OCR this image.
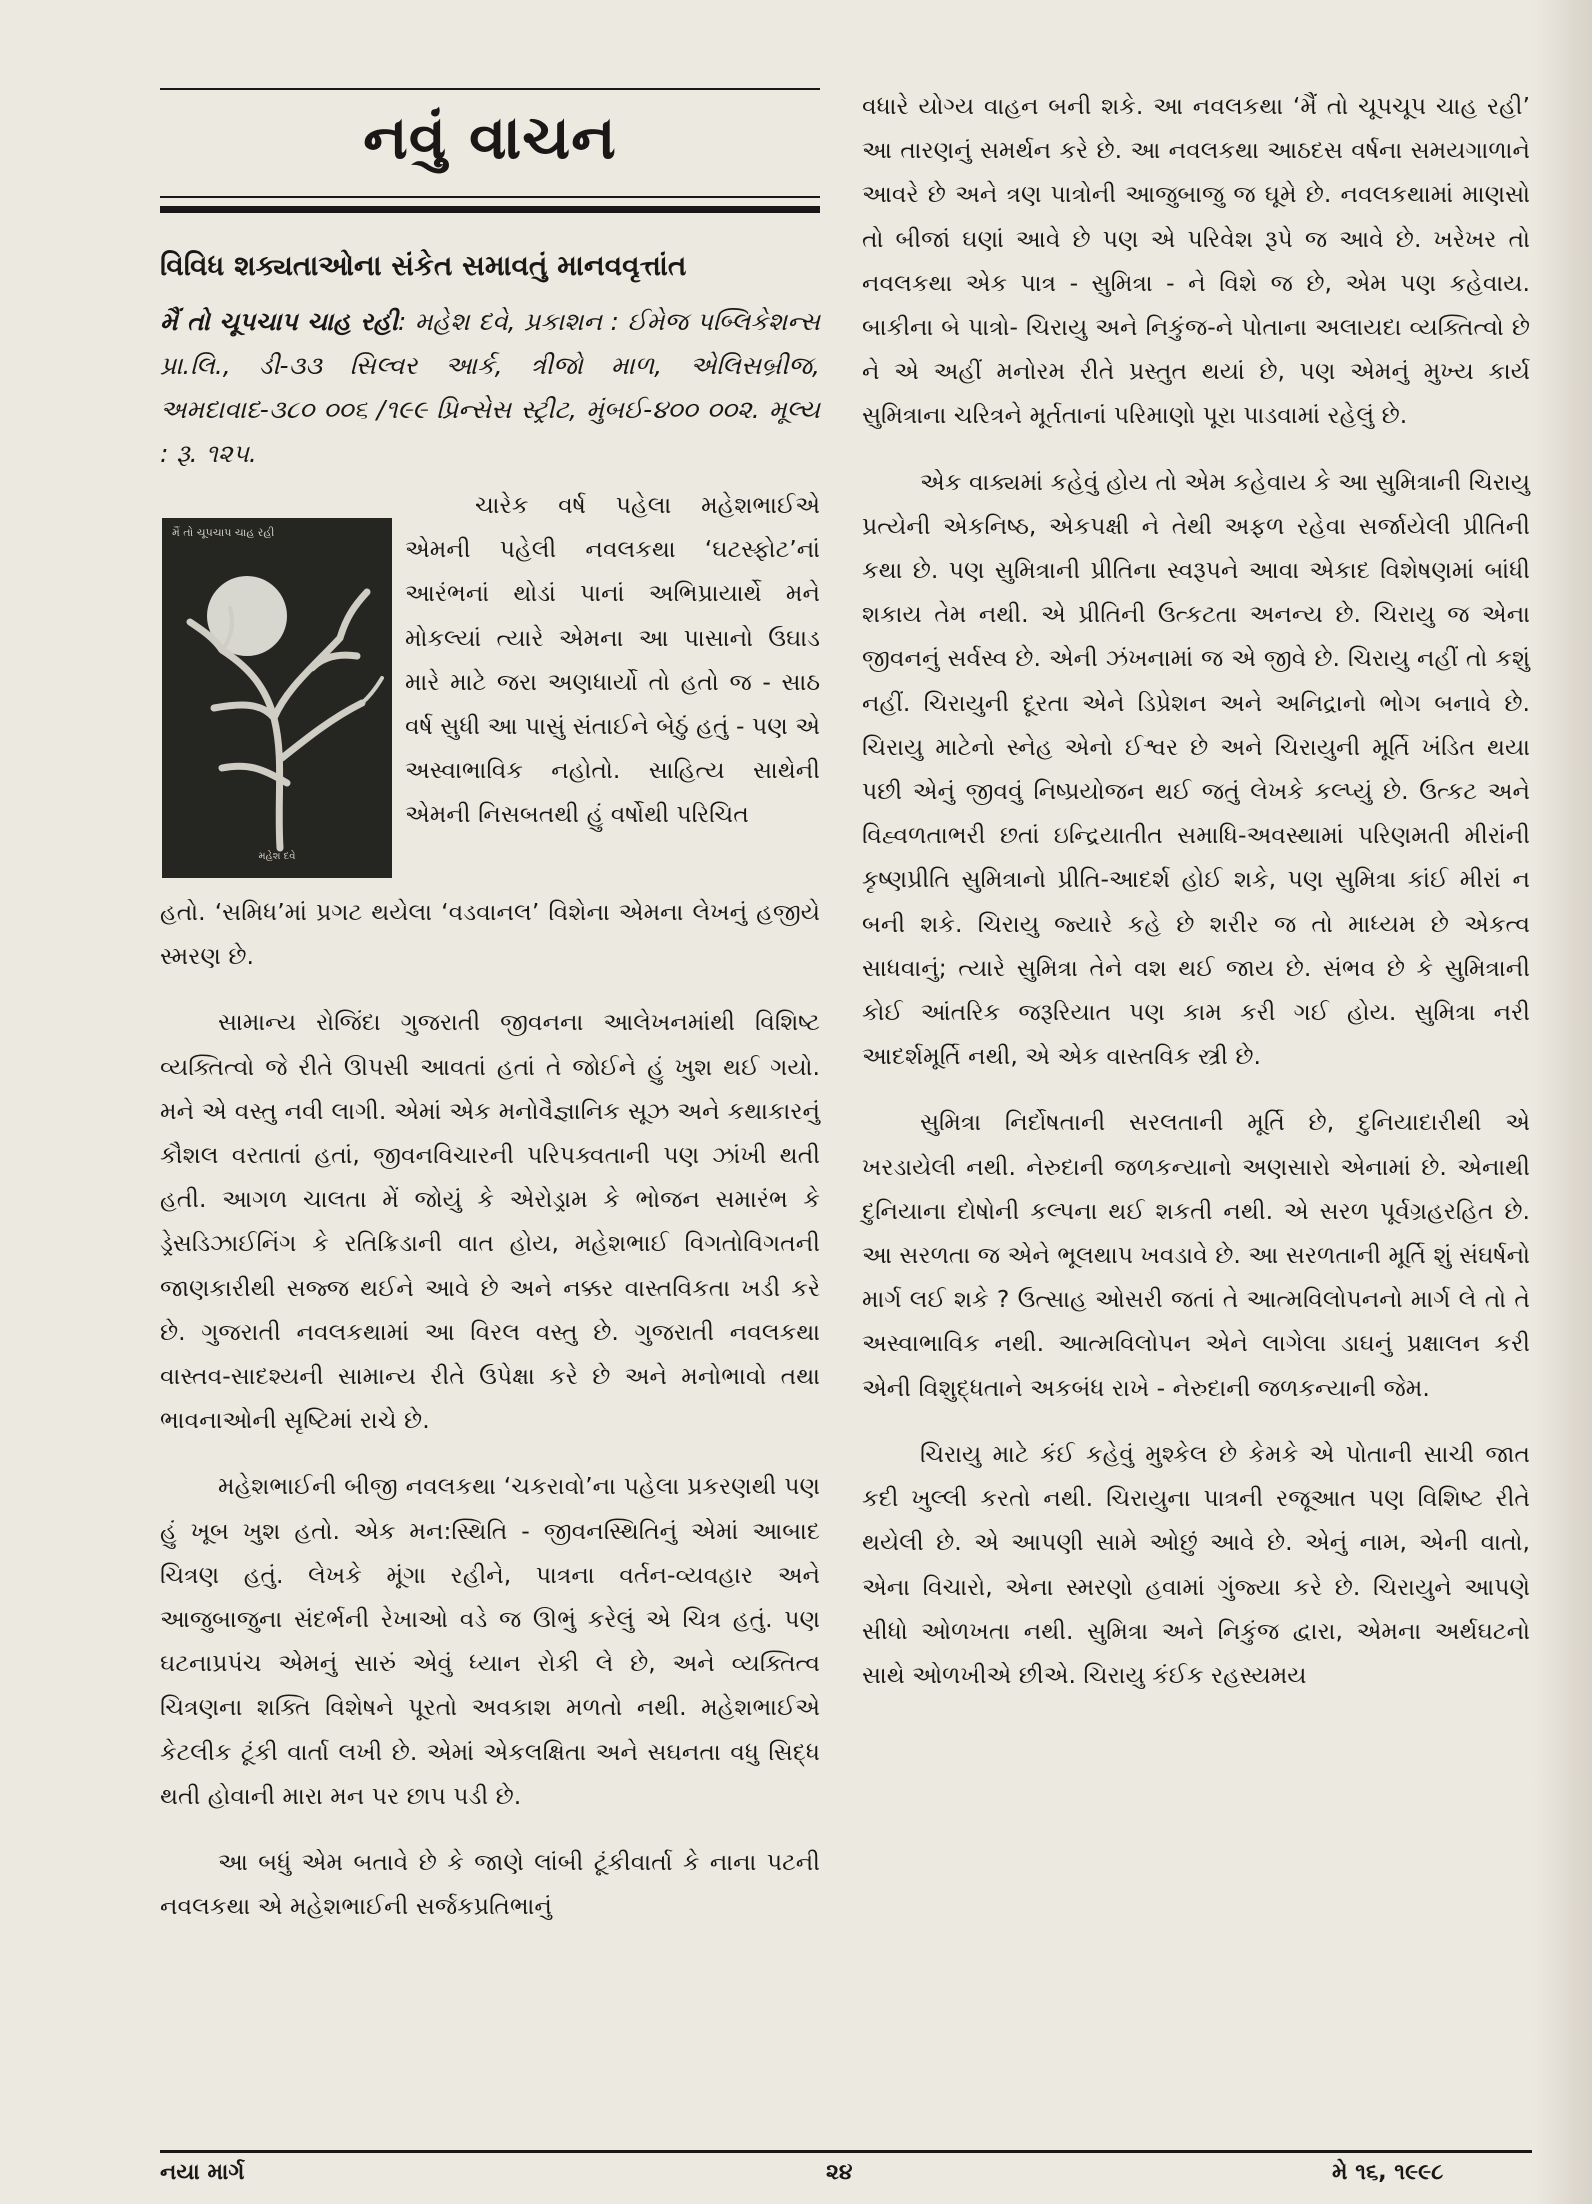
નવું વાચન
વિવિધ શક્યતાઓના સંકેત સમાવતું માનવવૃત્તાંત
મૈં તો ચૂપચાપ ચાહ રહી: મહેશ દવે, પ્રકાશન : ઈમેજ પબ્લિકેશન્સ પ્રા.લિ., ડી-૩૩ સિલ્વર આર્ક, ત્રીજો માળ, એલિસબ્રીજ, અમદાવાદ-૩૮૦ ૦૦૬ /૧૯૯ પ્રિન્સેસ સ્ટ્રીટ, મુંબઈ-૪૦૦ ૦૦૨. મૂલ્ય : રૂ. ૧૨૫.
મૈં તો ચૂપચાપ ચાહ રહી
મહેશ દવે

ચારેક વર્ષ પહેલા મહેશભાઈએ એમની પહેલી નવલકથા ‘ઘટસ્ફોટ’નાં આરંભનાં થોડાં પાનાં અભિપ્રાયાર્થે મને મોકલ્યાં ત્યારે એમના આ પાસાનો ઉઘાડ મારે માટે જરા અણધાર્યો તો હતો જ - સાઠ વર્ષ સુધી આ પાસું સંતાઈને બેઠું હતું - પણ એ અસ્વાભાવિક નહોતો. સાહિત્ય સાથેની એમની નિસબતથી હું વર્ષોથી પરિચિત

હતો. ‘સમિધ’માં પ્રગટ થયેલા ‘વડવાનલ’ વિશેના એમના લેખનું હજીયે સ્મરણ છે.

સામાન્ય રોજિંદા ગુજરાતી જીવનના આલેખનમાંથી વિશિષ્ટ વ્યક્તિત્વો જે રીતે ઊપસી આવતાં હતાં તે જોઈને હું ખુશ થઈ ગયો. મને એ વસ્તુ નવી લાગી. એમાં એક મનોવૈજ્ઞાનિક સૂઝ અને કથાકારનું કૌશલ વરતાતાં હતાં, જીવનવિચારની પરિપક્વતાની પણ ઝાંખી થતી હતી. આગળ ચાલતા મેં જોયું કે એરોડ્રામ કે ભોજન સમારંભ કે ડ્રેસડિઝાઈનિંગ કે રતિક્રિડાની વાત હોય, મહેશભાઈ વિગતોવિગતની જાણકારીથી સજ્જ થઈને આવે છે અને નક્કર વાસ્તવિકતા ખડી કરે છે. ગુજરાતી નવલકથામાં આ વિરલ વસ્તુ છે. ગુજરાતી નવલકથા વાસ્તવ-સાદશ્યની સામાન્ય રીતે ઉપેક્ષા કરે છે અને મનોભાવો તથા ભાવનાઓની સૃષ્ટિમાં રાચે છે.

મહેશભાઈની બીજી નવલકથા ‘ચકરાવો’ના પહેલા પ્રકરણથી પણ હું ખૂબ ખુશ હતો. એક મન:સ્થિતિ - જીવનસ્થિતિનું એમાં આબાદ ચિત્રણ હતું. લેખકે મૂંગા રહીને, પાત્રના વર્તન-વ્યવહાર અને આજુબાજુના સંદર્ભની રેખાઓ વડે જ ઊભું કરેલું એ ચિત્ર હતું. પણ ઘટનાપ્રપંચ એમનું સારું એવું ધ્યાન રોકી લે છે, અને વ્યક્તિત્વ ચિત્રણના શક્તિ વિશેષને પૂરતો અવકાશ મળતો નથી. મહેશભાઈએ કેટલીક ટૂંકી વાર્તા લખી છે. એમાં એકલક્ષિતા અને સઘનતા વધુ સિદ્ધ થતી હોવાની મારા મન પર છાપ પડી છે.

આ બધું એમ બતાવે છે કે જાણે લાંબી ટૂંકીવાર્તા કે નાના પટની નવલકથા એ મહેશભાઈની સર્જકપ્રતિભાનું

વધારે યોગ્ય વાહન બની શકે. આ નવલકથા ‘મૈં તો ચૂપચૂપ ચાહ રહી’ આ તારણનું સમર્થન કરે છે. આ નવલકથા આઠદસ વર્ષના સમયગાળાને આવરે છે અને ત્રણ પાત્રોની આજુબાજુ જ ઘૂમે છે. નવલકથામાં માણસો તો બીજાં ઘણાં આવે છે પણ એ પરિવેશ રૂપે જ આવે છે. ખરેખર તો નવલકથા એક પાત્ર - સુમિત્રા - ને વિશે જ છે, એમ પણ કહેવાય. બાકીના બે પાત્રો- ચિરાયુ અને નિકુંજ-ને પોતાના અલાયદા વ્યક્તિત્વો છે ને એ અહીં મનોરમ રીતે પ્રસ્તુત થયાં છે, પણ એમનું મુખ્ય કાર્ય સુમિત્રાના ચરિત્રને મૂર્તતાનાં પરિમાણો પૂરા પાડવામાં રહેલું છે.

એક વાક્યમાં કહેવું હોય તો એમ કહેવાય કે આ સુમિત્રાની ચિરાયુ પ્રત્યેની એકનિષ્ઠ, એકપક્ષી ને તેથી અફળ રહેવા સર્જાયેલી પ્રીતિની કથા છે. પણ સુમિત્રાની પ્રીતિના સ્વરૂપને આવા એકાદ વિશેષણમાં બાંધી શકાય તેમ નથી. એ પ્રીતિની ઉત્કટતા અનન્ય છે. ચિરાયુ જ એના જીવનનું સર્વસ્વ છે. એની ઝંખનામાં જ એ જીવે છે. ચિરાયુ નહીં તો કશું નહીં. ચિરાયુની દૂરતા એને ડિપ્રેશન અને અનિદ્રાનો ભોગ બનાવે છે. ચિરાયુ માટેનો સ્નેહ એનો ઈશ્વર છે અને ચિરાયુની મૂર્તિ ખંડિત થયા પછી એનું જીવવું નિષ્પ્રયોજન થઈ જતું લેખકે કલ્પ્યું છે. ઉત્કટ અને વિહ્વળતાભરી છતાં ઇન્દ્રિયાતીત સમાધિ-અવસ્થામાં પરિણમતી મીરાંની કૃષ્ણપ્રીતિ સુમિત્રાનો પ્રીતિ-આદર્શ હોઈ શકે, પણ સુમિત્રા કાંઈ મીરાં ન બની શકે. ચિરાયુ જ્યારે કહે છે શરીર જ તો માધ્યમ છે એકત્વ સાધવાનું; ત્યારે સુમિત્રા તેને વશ થઈ જાય છે. સંભવ છે કે સુમિત્રાની કોઈ આંતરિક જરૂરિયાત પણ કામ કરી ગઈ હોય. સુમિત્રા નરી આદર્શમૂર્તિ નથી, એ એક વાસ્તવિક સ્ત્રી છે.

સુમિત્રા નિર્દોષતાની સરલતાની મૂર્તિ છે, દુનિયાદારીથી એ ખરડાયેલી નથી. નેરુદાની જળકન્યાનો અણસારો એનામાં છે. એનાથી દુનિયાના દોષોની કલ્પના થઈ શકતી નથી. એ સરળ પૂર્વગ્રહરહિત છે. આ સરળતા જ એને ભૂલથાપ ખવડાવે છે. આ સરળતાની મૂર્તિ શું સંઘર્ષનો માર્ગ લઈ શકે ? ઉત્સાહ ઓસરી જતાં તે આત્મવિલોપનનો માર્ગ લે તો તે અસ્વાભાવિક નથી. આત્મવિલોપન એને લાગેલા ડાઘનું પ્રક્ષાલન કરી એની વિશુદ્ધતાને અકબંધ રાખે - નેરુદાની જળકન્યાની જેમ.

ચિરાયુ માટે કંઈ કહેવું મુશ્કેલ છે કેમકે એ પોતાની સાચી જાત કદી ખુલ્લી કરતો નથી. ચિરાયુના પાત્રની રજૂઆત પણ વિશિષ્ટ રીતે થયેલી છે. એ આપણી સામે ઓછું આવે છે. એનું નામ, એની વાતો, એના વિચારો, એના સ્મરણો હવામાં ગુંજ્યા કરે છે. ચિરાયુને આપણે સીધો ઓળખતા નથી. સુમિત્રા અને નિકુંજ દ્વારા, એમના અર્થઘટનો સાથે ઓળખીએ છીએ. ચિરાયુ કંઈક રહસ્યમય

નયા માર્ગ	૨૪	મે ૧૬, ૧૯૯૮
